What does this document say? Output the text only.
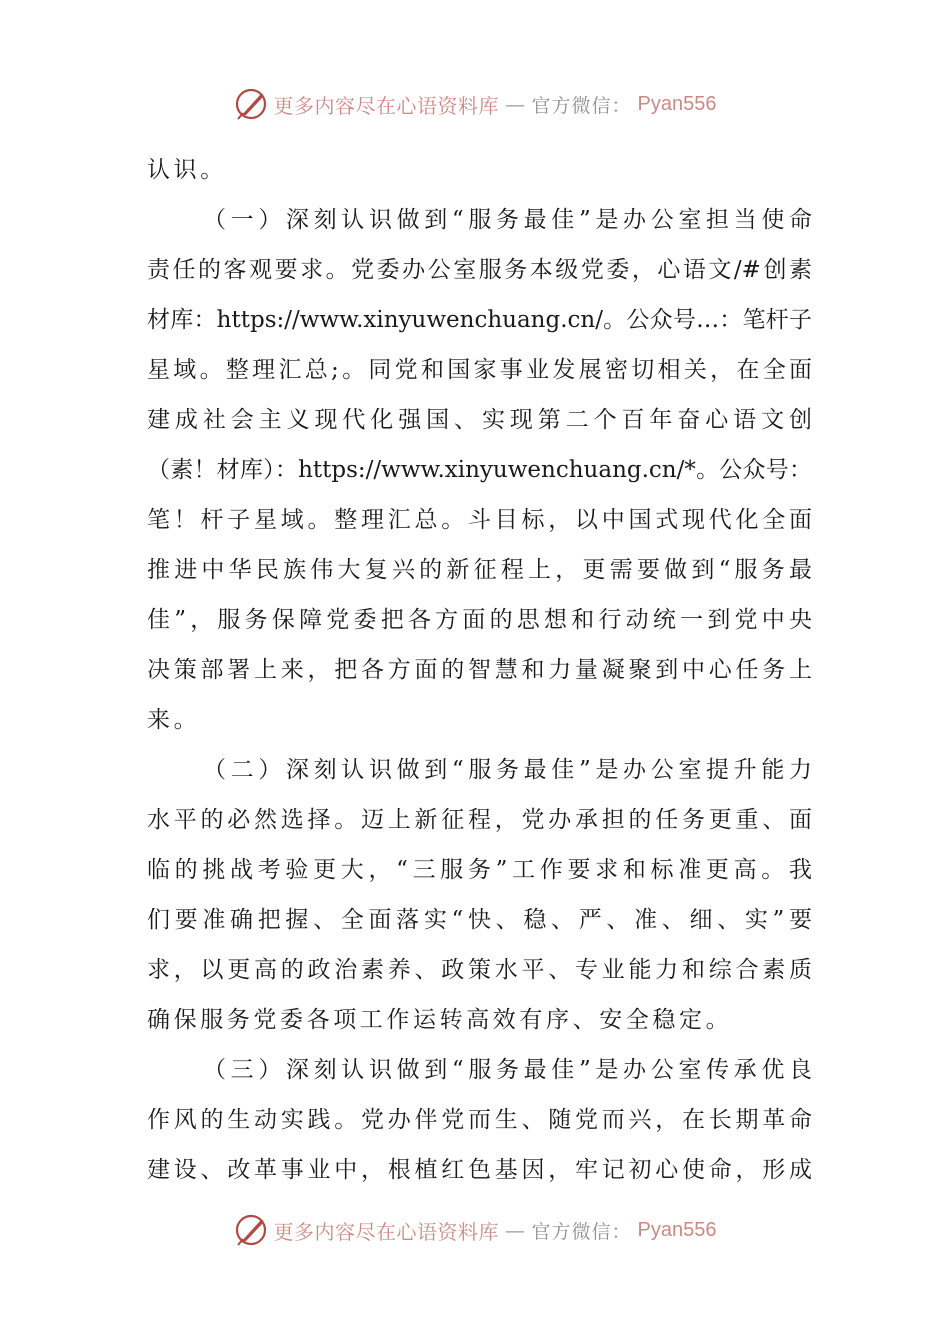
更多内容尽在心语资料库 — 官方微信： Pyan556
认识。
（一）深刻认识做到“服务最佳”是办公室担当使命
责任的客观要求。党委办公室服务本级党委，心语文/#创素
材库：https://www.xinyuwenchuang.cn/。公众号…：笔杆子
星域。整理汇总;。同党和国家事业发展密切相关，在全面
建成社会主义现代化强国、实现第二个百年奋心语文创
（素！材库）：https://www.xinyuwenchuang.cn/*。公众号：
笔！杆子星域。整理汇总。斗目标，以中国式现代化全面
推进中华民族伟大复兴的新征程上，更需要做到“服务最
佳”，服务保障党委把各方面的思想和行动统一到党中央
决策部署上来，把各方面的智慧和力量凝聚到中心任务上
来。
（二）深刻认识做到“服务最佳”是办公室提升能力
水平的必然选择。迈上新征程，党办承担的任务更重、面
临的挑战考验更大，“三服务”工作要求和标准更高。我
们要准确把握、全面落实“快、稳、严、准、细、实”要
求，以更高的政治素养、政策水平、专业能力和综合素质
确保服务党委各项工作运转高效有序、安全稳定。
（三）深刻认识做到“服务最佳”是办公室传承优良
作风的生动实践。党办伴党而生、随党而兴，在长期革命
建设、改革事业中，根植红色基因，牢记初心使命，形成
更多内容尽在心语资料库 — 官方微信： Pyan556
